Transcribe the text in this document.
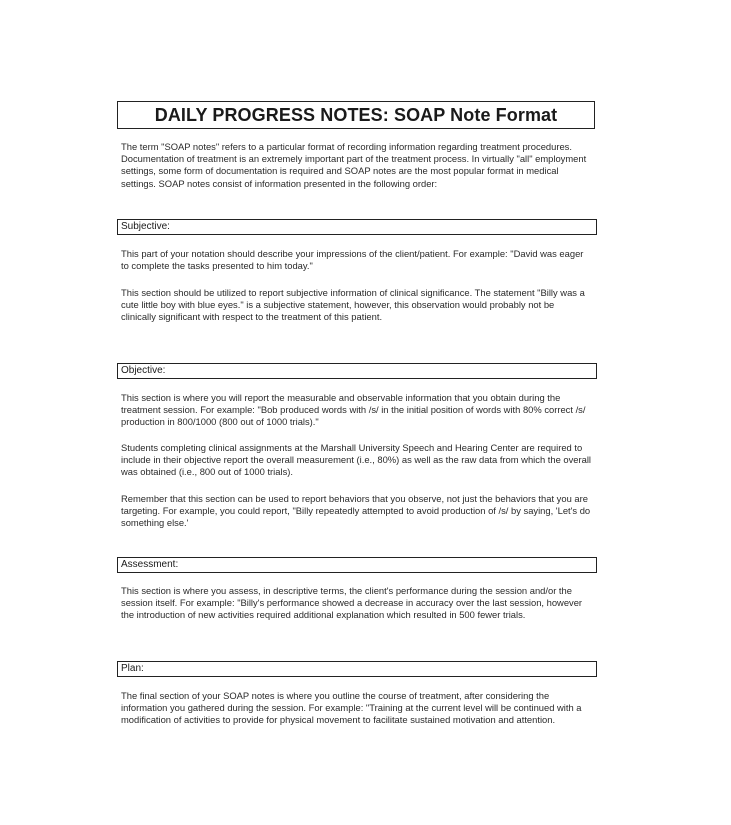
DAILY PROGRESS NOTES: SOAP Note Format

The term "SOAP notes" refers to a particular format of recording information regarding treatment procedures. Documentation of treatment is an extremely important part of the treatment process. In virtually "all" employment settings, some form of documentation is required and SOAP notes are the most popular format in medical settings. SOAP notes consist of information presented in the following order:

Subjective:

This part of your notation should describe your impressions of the client/patient. For example: "David was eager to complete the tasks presented to him today."

This section should be utilized to report subjective information of clinical significance. The statement "Billy was a cute little boy with blue eyes." is a subjective statement, however, this observation would probably not be clinically significant with respect to the treatment of this patient.

Objective:

This section is where you will report the measurable and observable information that you obtain during the treatment session. For example: "Bob produced words with /s/ in the initial position of words with 80% correct /s/ production in 800/1000 (800 out of 1000 trials)."

Students completing clinical assignments at the Marshall University Speech and Hearing Center are required to include in their objective report the overall measurement (i.e., 80%) as well as the raw data from which the overall was obtained (i.e., 800 out of 1000 trials).

Remember that this section can be used to report behaviors that you observe, not just the behaviors that you are targeting. For example, you could report, "Billy repeatedly attempted to avoid production of /s/ by saying, 'Let's do something else.'

Assessment:

This section is where you assess, in descriptive terms, the client's performance during the session and/or the session itself. For example: "Billy's performance showed a decrease in accuracy over the last session, however the introduction of new activities required additional explanation which resulted in 500 fewer trials.

Plan:

The final section of your SOAP notes is where you outline the course of treatment, after considering the information you gathered during the session. For example: "Training at the current level will be continued with a modification of activities to provide for physical movement to facilitate sustained motivation and attention.
